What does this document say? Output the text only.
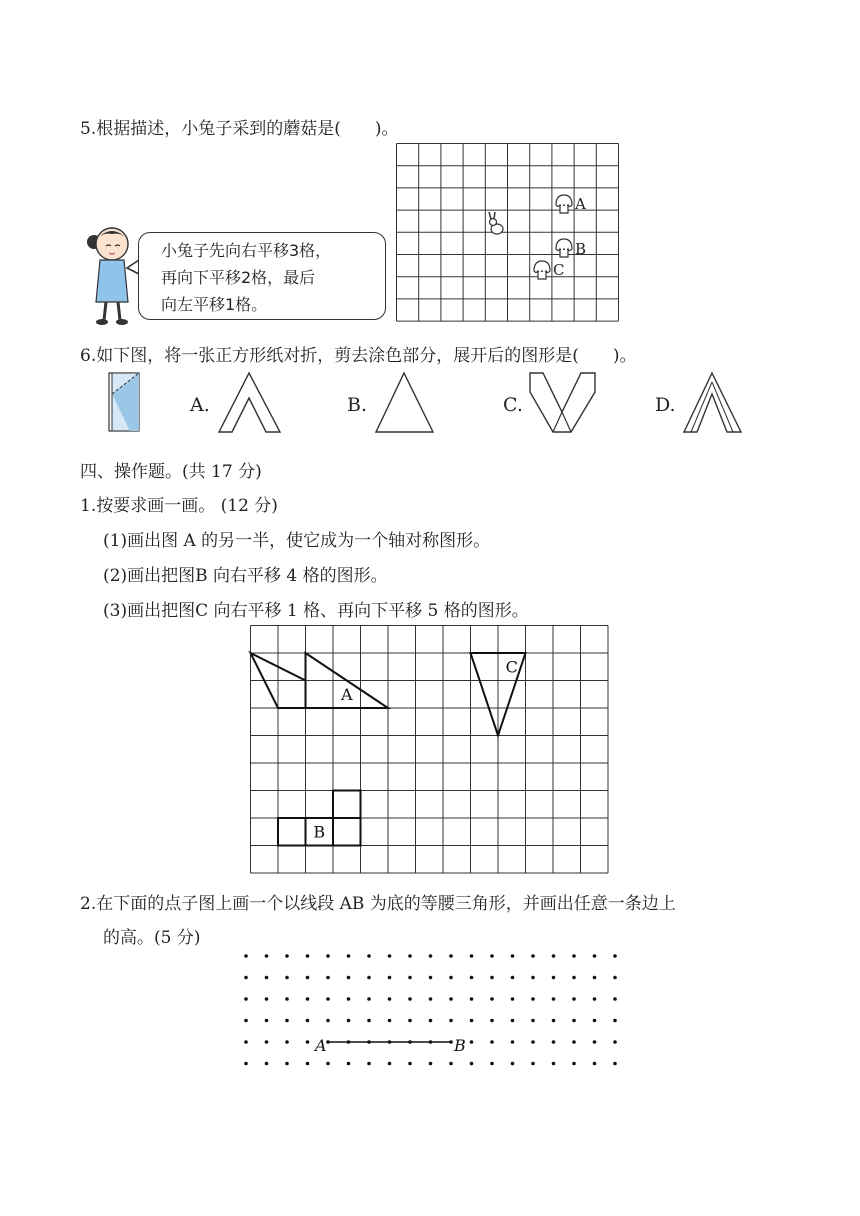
5.根据描述，小兔子采到的蘑菇是(　　)。
小兔子先向右平移3格，
再向下平移2格，最后
向左平移1格。
A
B
C
6.如下图，将一张正方形纸对折，剪去涂色部分，展开后的图形是(　　)。
A.	B.	C.	D.
四、操作题。(共 17 分)
1.按要求画一画。 (12 分)
(1)画出图 A 的另一半，使它成为一个轴对称图形。
(2)画出把图B 向右平移 4 格的图形。
(3)画出把图C 向右平移 1 格、再向下平移 5 格的图形。
A
B
C
2.在下面的点子图上画一个以线段 AB 为底的等腰三角形，并画出任意一条边上
的高。(5 分)
A	B
